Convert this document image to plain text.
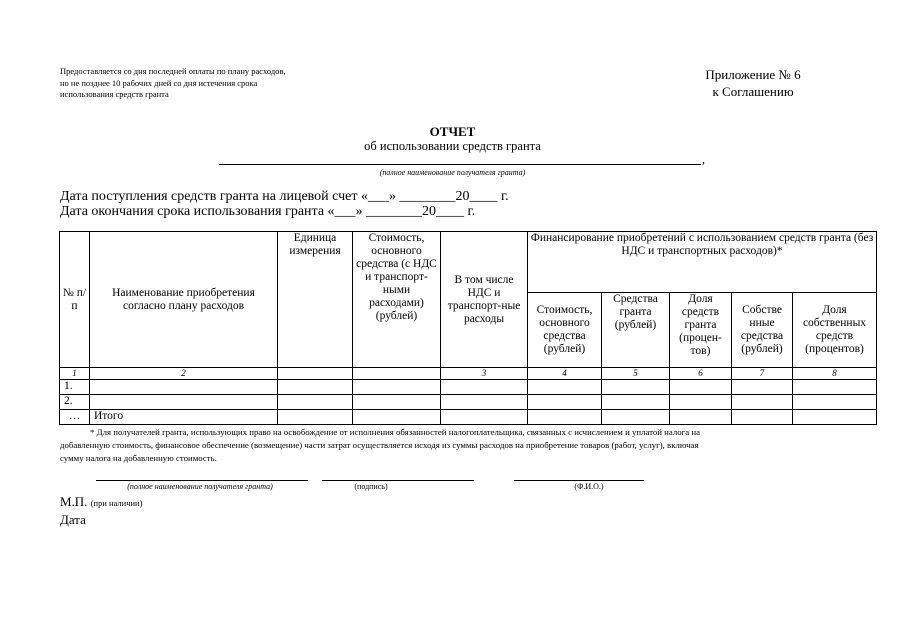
Предоставляется со дня последней оплаты по плану расходов,
но не позднее 10 рабочих дней со дня истечения срока
использования средств гранта
Приложение № 6
к Соглашению
ОТЧЕТ
об использовании средств гранта
,
(полное наименование получателя гранта)
Дата поступления средств гранта на лицевой счет «___» ________20____ г.
Дата окончания срока использования гранта «___» ________20____ г.
№ п/п	Наименование приобретения согласно плану расходов	Единица измерения	Стоимость, основного средства (с НДС и транспорт-ными расходами) (рублей)	В том числе НДС и транспорт-ные расходы	Финансирование приобретений с использованием средств гранта (без НДС и транспортных расходов)*				
					Стоимость, основного средства (рублей)	Средства гранта (рублей)	Доля средств гранта (процен-тов)	Собстве нные средства (рублей)	Доля собственных средств (процентов)
1	2			3	4	5	6	7	8
1.									
2.									
…	Итого								
* Для получателей гранта, использующих право на освобождение от исполнения обязанностей налогоплательщика, связанных с исчислением и уплатой налога на
добавленную стоимость, финансовое обеспечение (возмещение) части затрат осуществляется исходя из суммы расходов на приобретение товаров (работ, услуг), включая
сумму налога на добавленную стоимость.
(полное наименование получателя гранта)	(подпись)	(Ф.И.О.)
М.П. (при наличии)
Дата
